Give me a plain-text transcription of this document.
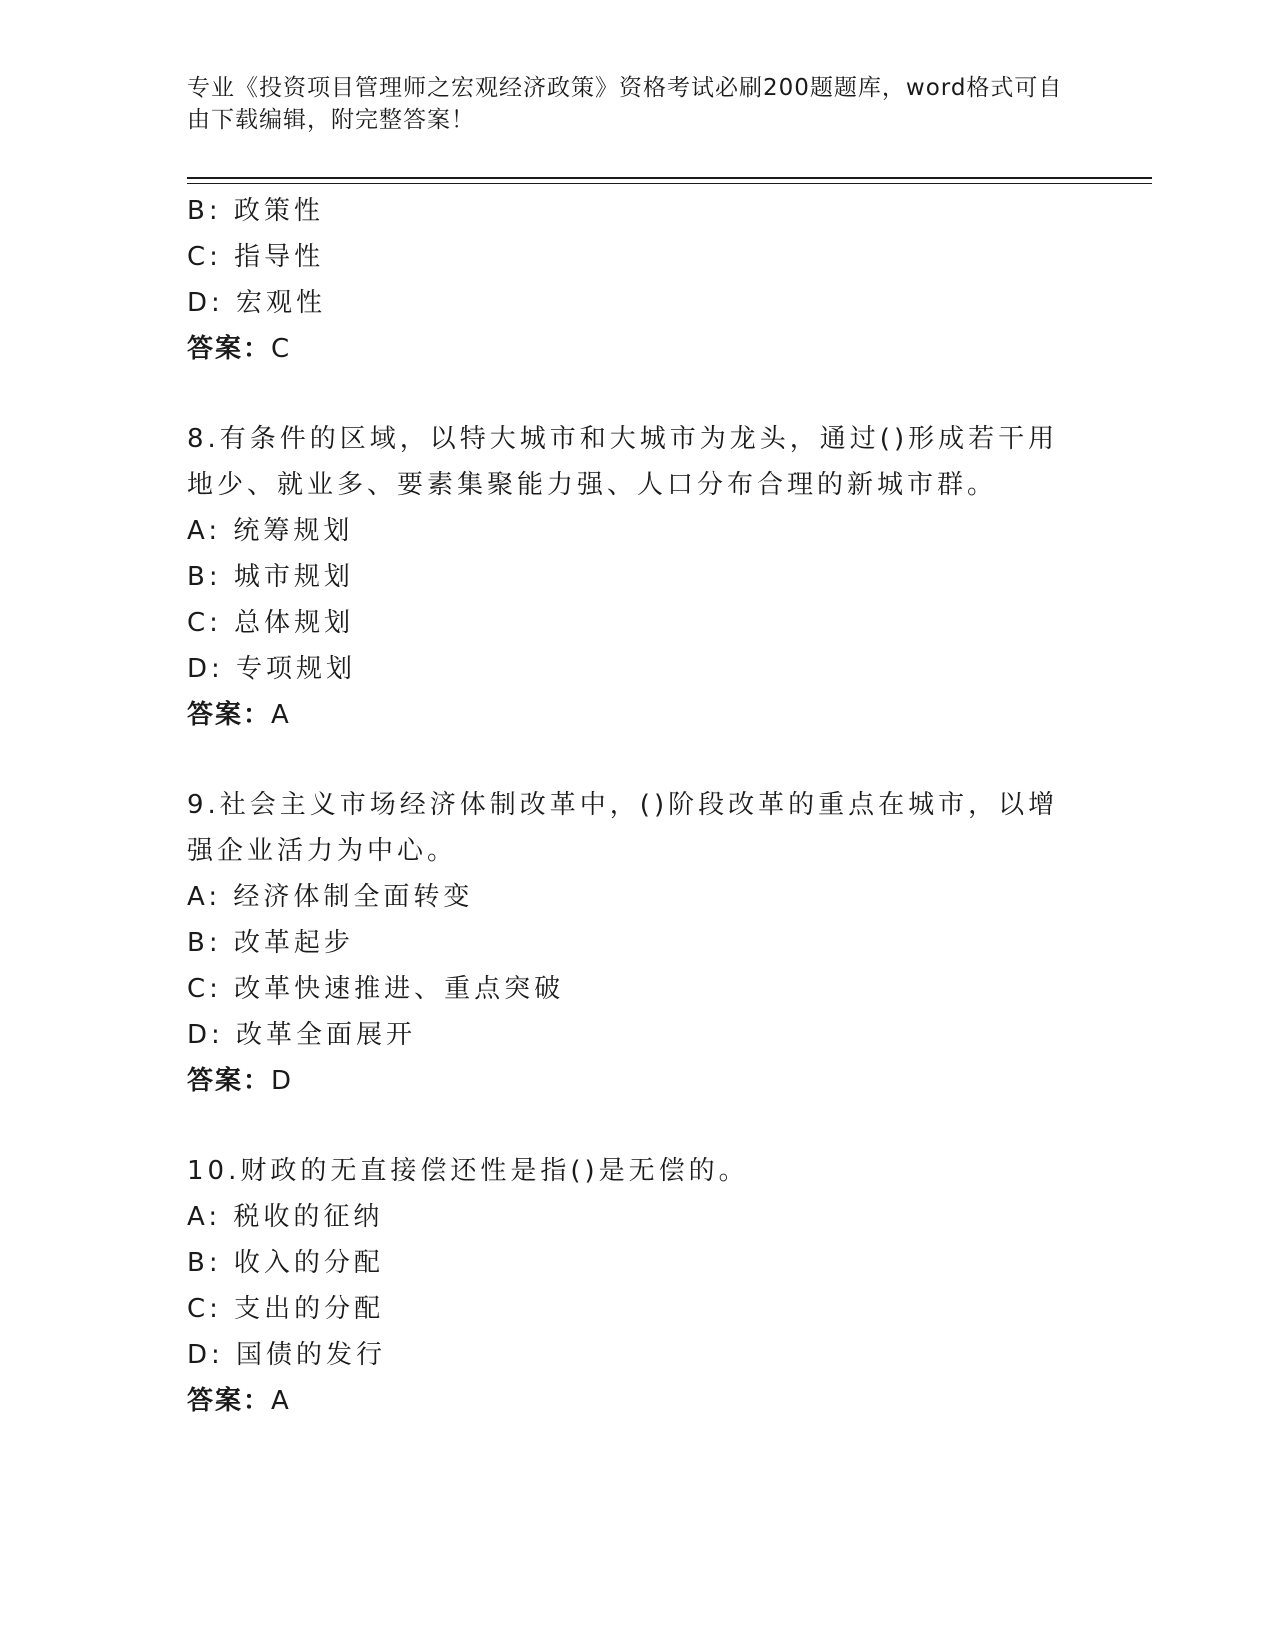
专业《投资项目管理师之宏观经济政策》资格考试必刷200题题库，word格式可自由下载编辑，附完整答案！
B: 政策性
C: 指导性
D: 宏观性
答案：C
8.有条件的区域，以特大城市和大城市为龙头，通过()形成若干用地少、就业多、要素集聚能力强、人口分布合理的新城市群。
A: 统筹规划
B: 城市规划
C: 总体规划
D: 专项规划
答案：A
9.社会主义市场经济体制改革中，()阶段改革的重点在城市，以增强企业活力为中心。
A: 经济体制全面转变
B: 改革起步
C: 改革快速推进、重点突破
D: 改革全面展开
答案：D
10.财政的无直接偿还性是指()是无偿的。
A: 税收的征纳
B: 收入的分配
C: 支出的分配
D: 国债的发行
答案：A
